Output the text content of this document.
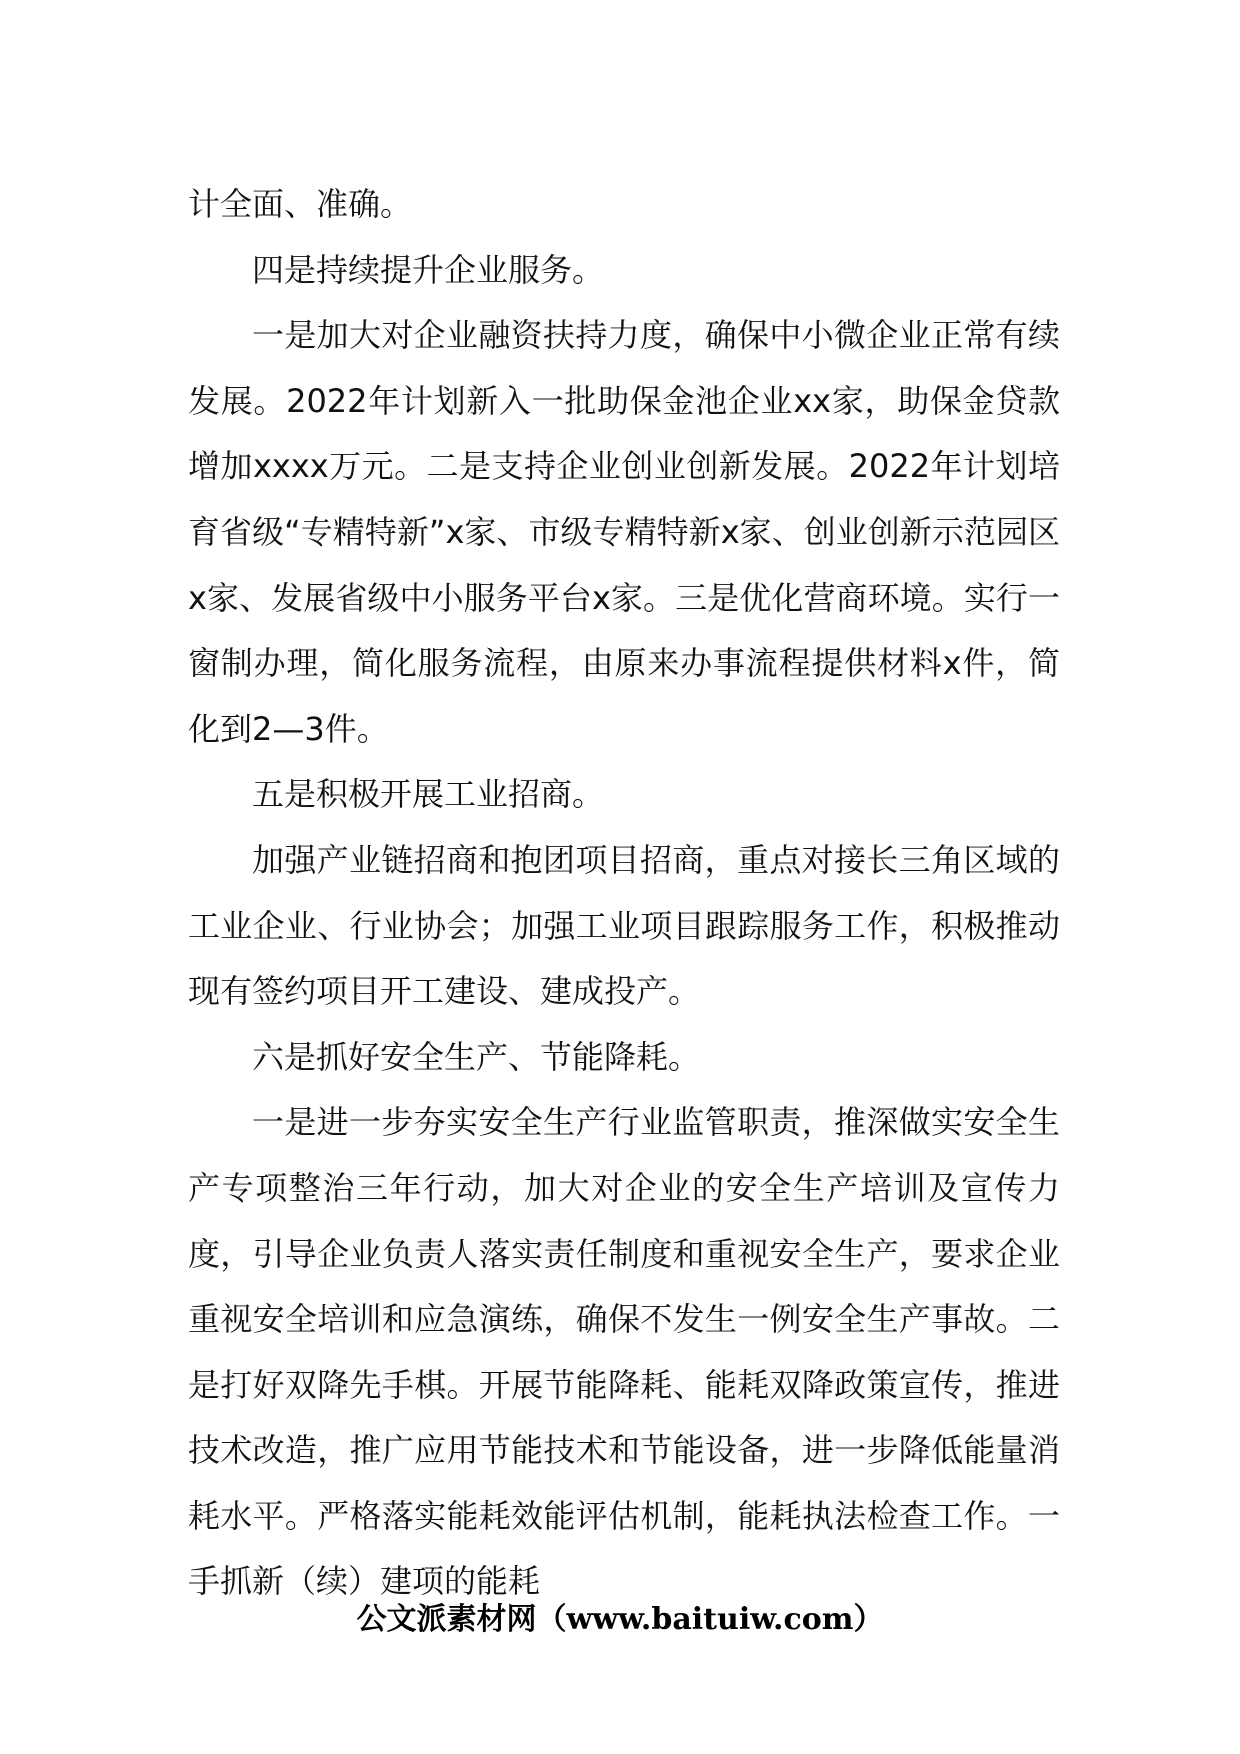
计全面、准确。

四是持续提升企业服务。

一是加大对企业融资扶持力度，确保中小微企业正常有续发展。2022年计划新入一批助保金池企业xx家，助保金贷款增加xxxx万元。二是支持企业创业创新发展。2022年计划培育省级“专精特新”x家、市级专精特新x家、创业创新示范园区x家、发展省级中小服务平台x家。三是优化营商环境。实行一窗制办理，简化服务流程，由原来办事流程提供材料x件，简化到2—3件。

五是积极开展工业招商。

加强产业链招商和抱团项目招商，重点对接长三角区域的工业企业、行业协会；加强工业项目跟踪服务工作，积极推动现有签约项目开工建设、建成投产。

六是抓好安全生产、节能降耗。

一是进一步夯实安全生产行业监管职责，推深做实安全生产专项整治三年行动，加大对企业的安全生产培训及宣传力度，引导企业负责人落实责任制度和重视安全生产，要求企业重视安全培训和应急演练，确保不发生一例安全生产事故。二是打好双降先手棋。开展节能降耗、能耗双降政策宣传，推进技术改造，推广应用节能技术和节能设备，进一步降低能量消耗水平。严格落实能耗效能评估机制，能耗执法检查工作。一手抓新（续）建项的能耗

公文派素材网（www.baituiw.com）
